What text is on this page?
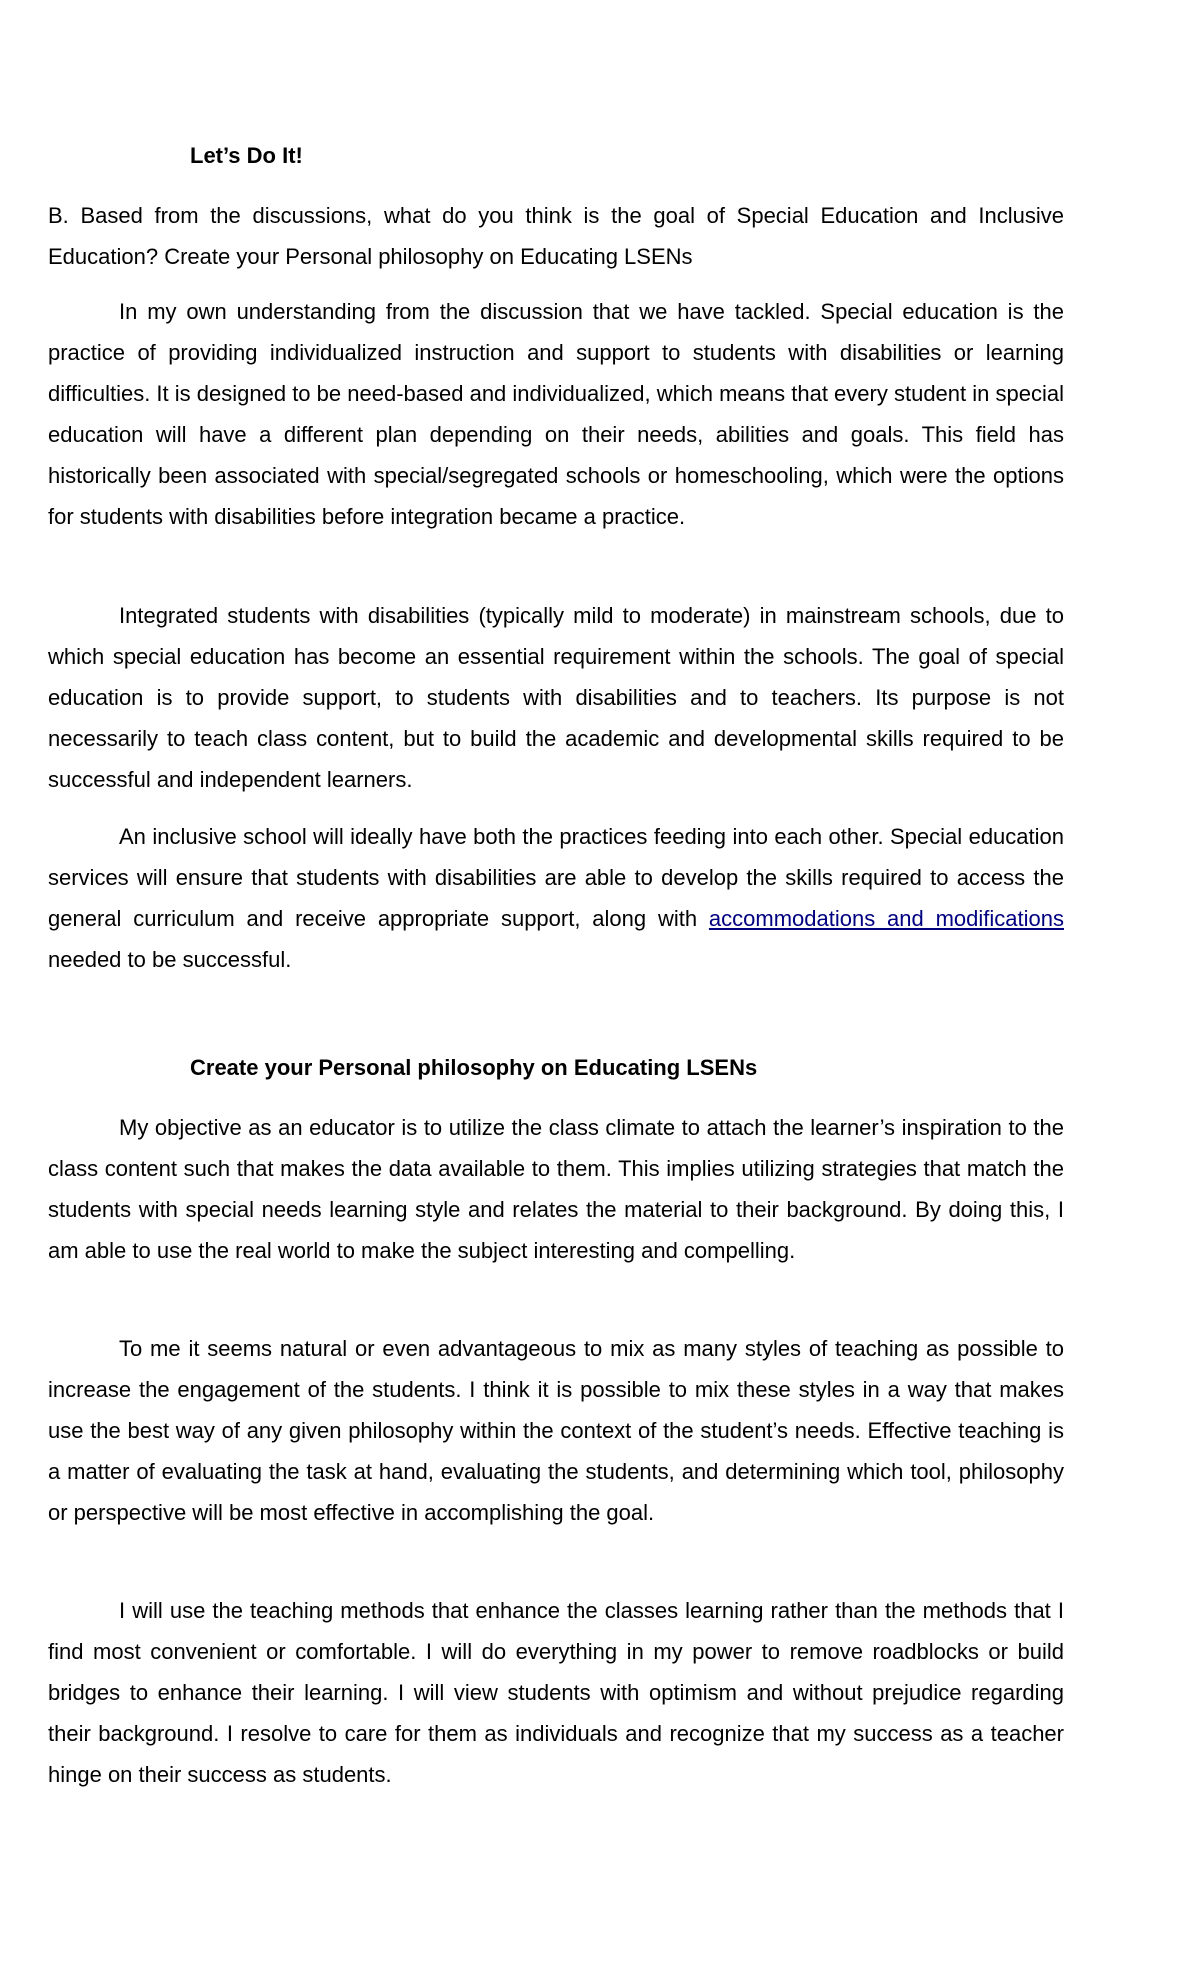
Let’s Do It!

B. Based from the discussions, what do you think is the goal of Special Education and Inclusive Education? Create your Personal philosophy on Educating LSENs

In my own understanding from the discussion that we have tackled. Special education is the practice of providing individualized instruction and support to students with disabilities or learning difficulties. It is designed to be need-based and individualized, which means that every student in special education will have a different plan depending on their needs, abilities and goals. This field has historically been associated with special/segregated schools or homeschooling, which were the options for students with disabilities before integration became a practice.

Integrated students with disabilities (typically mild to moderate) in mainstream schools, due to which special education has become an essential requirement within the schools. The goal of special education is to provide support, to students with disabilities and to teachers. Its purpose is not necessarily to teach class content, but to build the academic and developmental skills required to be successful and independent learners.

An inclusive school will ideally have both the practices feeding into each other. Special education services will ensure that students with disabilities are able to develop the skills required to access the general curriculum and receive appropriate support, along with accommodations and modifications needed to be successful.

Create your Personal philosophy on Educating LSENs

My objective as an educator is to utilize the class climate to attach the learner’s inspiration to the class content such that makes the data available to them. This implies utilizing strategies that match the students with special needs learning style and relates the material to their background. By doing this, I am able to use the real world to make the subject interesting and compelling.

To me it seems natural or even advantageous to mix as many styles of teaching as possible to increase the engagement of the students. I think it is possible to mix these styles in a way that makes use the best way of any given philosophy within the context of the student’s needs. Effective teaching is a matter of evaluating the task at hand, evaluating the students, and determining which tool, philosophy or perspective will be most effective in accomplishing the goal.

I will use the teaching methods that enhance the classes learning rather than the methods that I find most convenient or comfortable. I will do everything in my power to remove roadblocks or build bridges to enhance their learning. I will view students with optimism and without prejudice regarding their background. I resolve to care for them as individuals and recognize that my success as a teacher hinge on their success as students.
